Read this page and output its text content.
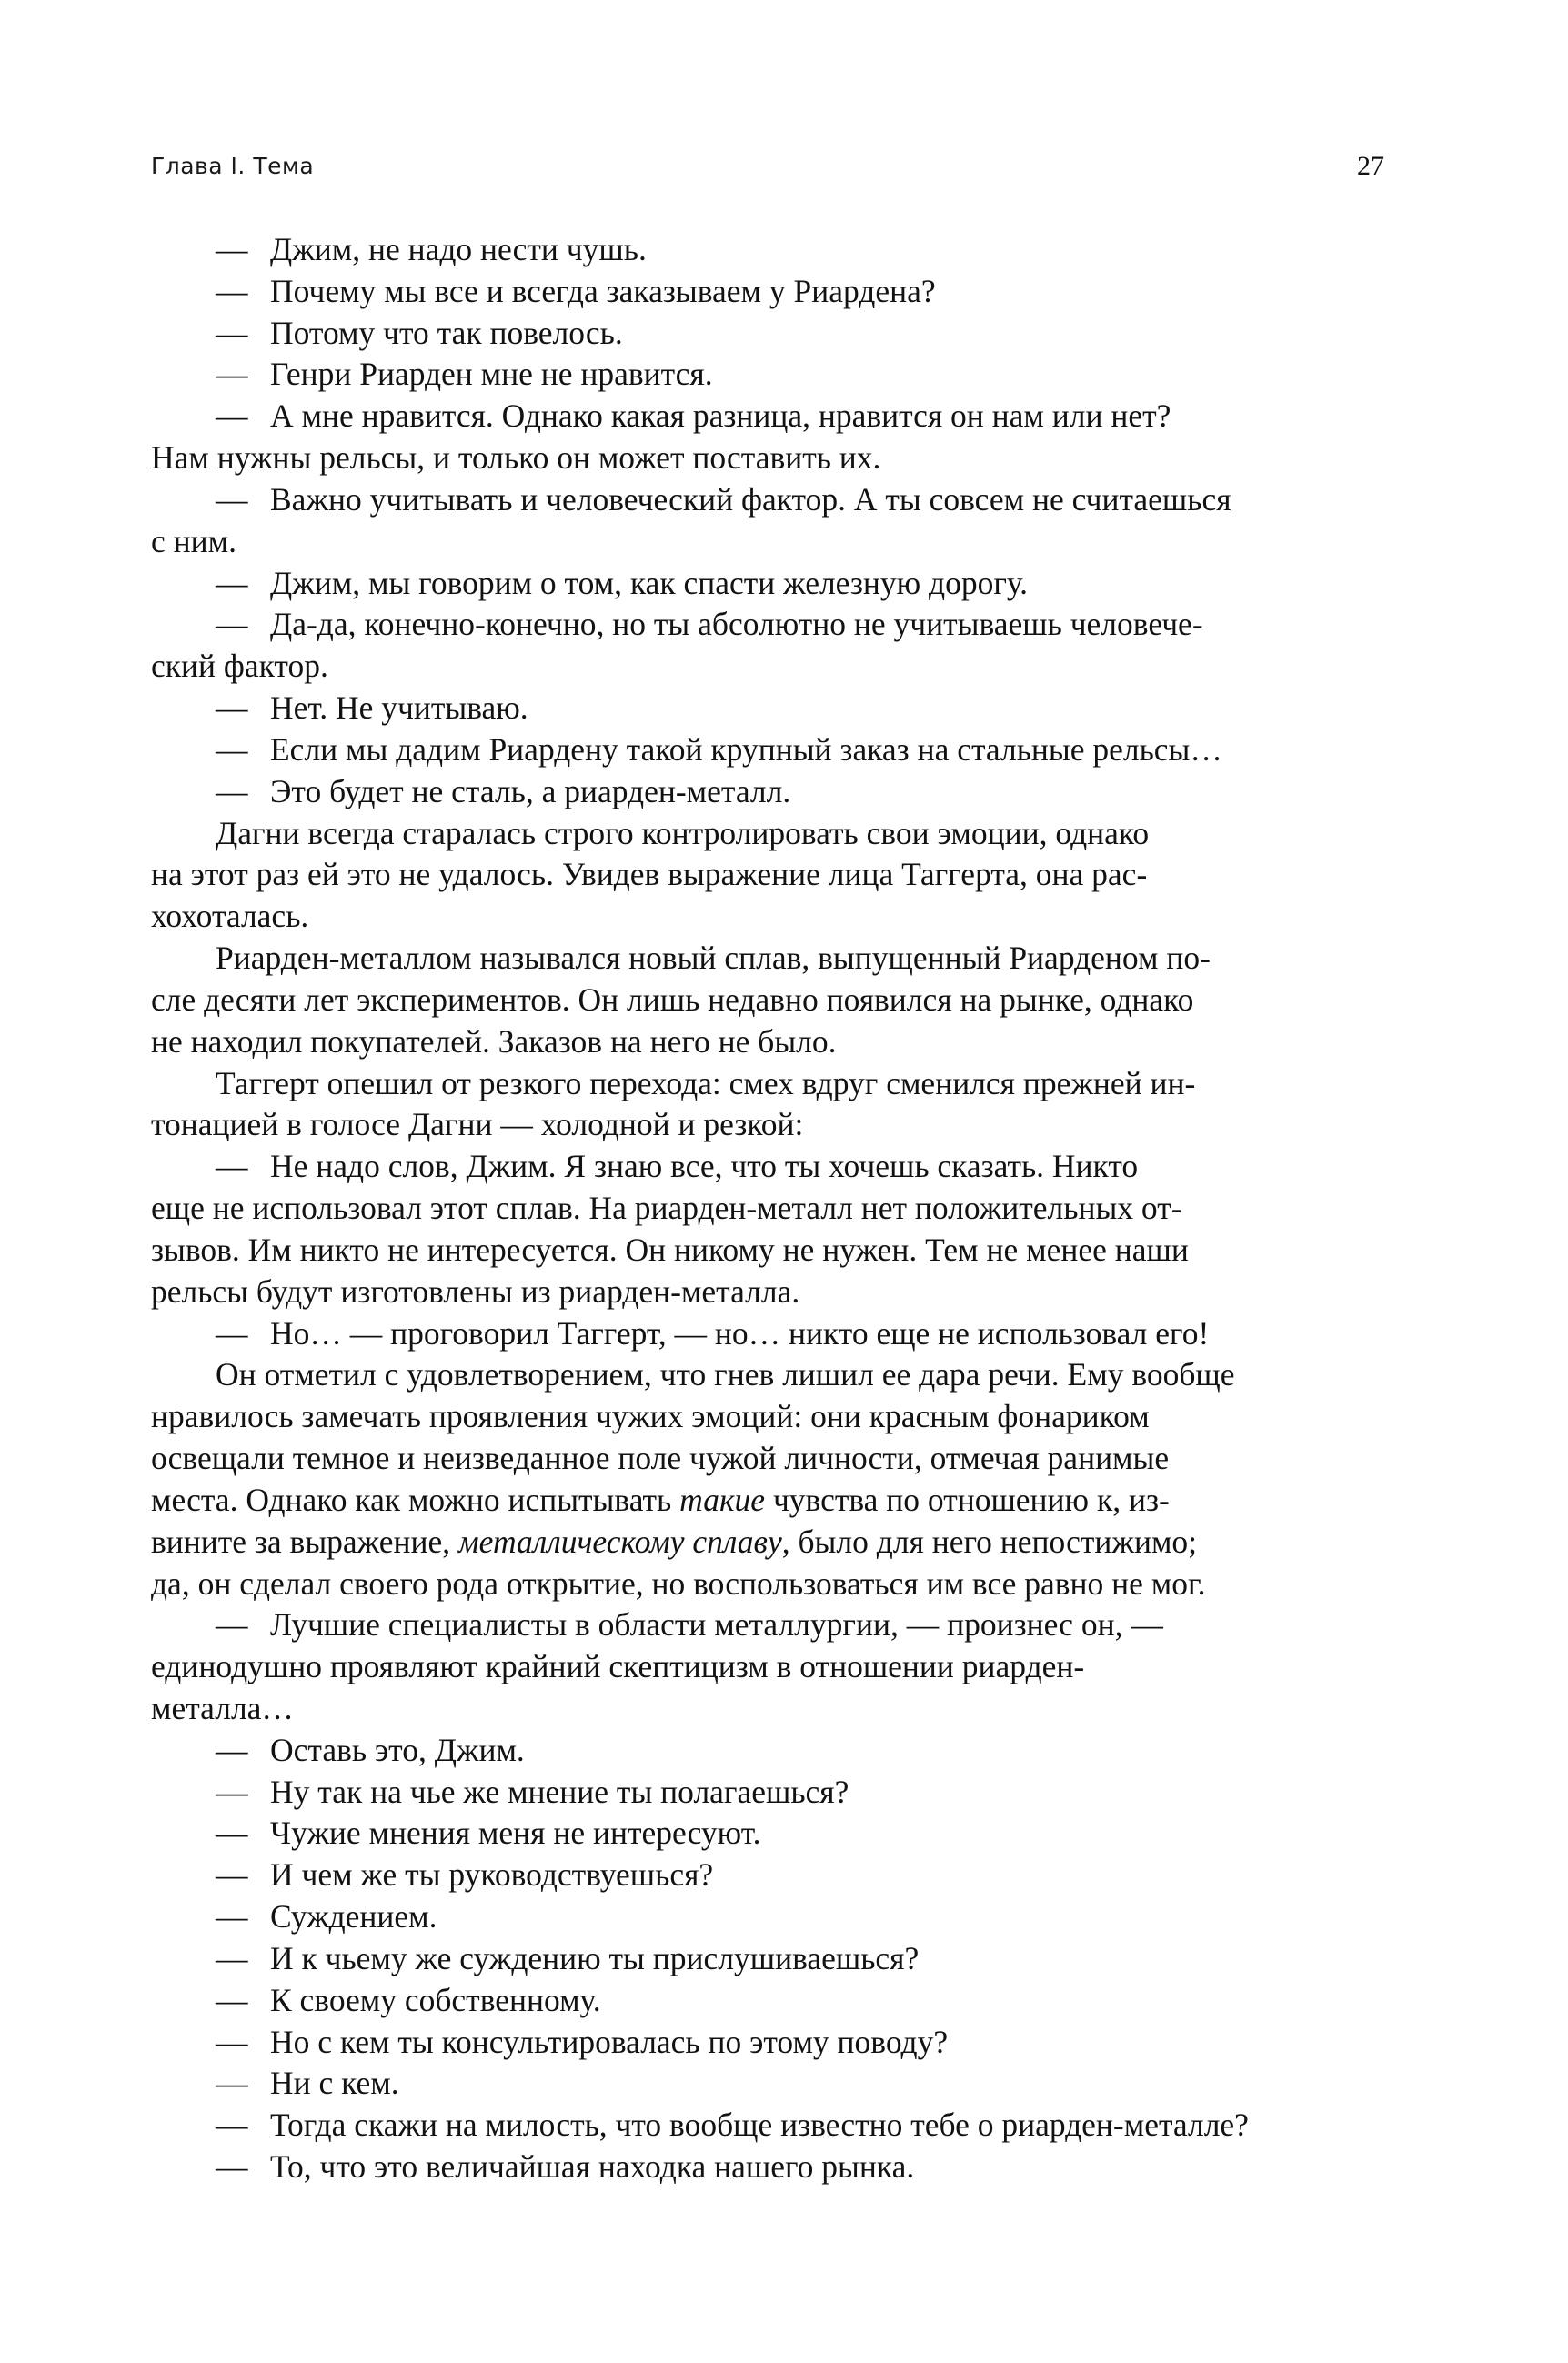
Глава I. Тема	27
— Джим, не надо нести чушь.
— Почему мы все и всегда заказываем у Риардена?
— Потому что так повелось.
— Генри Риарден мне не нравится.
— А мне нравится. Однако какая разница, нравится он нам или нет?
Нам нужны рельсы, и только он может поставить их.
— Важно учитывать и человеческий фактор. А ты совсем не считаешься
с ним.
— Джим, мы говорим о том, как спасти железную дорогу.
— Да-да, конечно-конечно, но ты абсолютно не учитываешь человече-
ский фактор.
— Нет. Не учитываю.
— Если мы дадим Риардену такой крупный заказ на стальные рельсы…
— Это будет не сталь, а риарден-металл.
Дагни всегда старалась строго контролировать свои эмоции, однако
на этот раз ей это не удалось. Увидев выражение лица Таггерта, она рас-
хохоталась.
Риарден-металлом назывался новый сплав, выпущенный Риарденом по-
сле десяти лет экспериментов. Он лишь недавно появился на рынке, однако
не находил покупателей. Заказов на него не было.
Таггерт опешил от резкого перехода: смех вдруг сменился прежней ин-
тонацией в голосе Дагни — холодной и резкой:
— Не надо слов, Джим. Я знаю все, что ты хочешь сказать. Никто
еще не использовал этот сплав. На риарден-металл нет положительных от-
зывов. Им никто не интересуется. Он никому не нужен. Тем не менее наши
рельсы будут изготовлены из риарден-металла.
— Но… — проговорил Таггерт, — но… никто еще не использовал его!
Он отметил с удовлетворением, что гнев лишил ее дара речи. Ему вообще
нравилось замечать проявления чужих эмоций: они красным фонариком
освещали темное и неизведанное поле чужой личности, отмечая ранимые
места. Однако как можно испытывать такие чувства по отношению к, из-
вините за выражение, металлическому сплаву, было для него непостижимо;
да, он сделал своего рода открытие, но воспользоваться им все равно не мог.
— Лучшие специалисты в области металлургии, — произнес он, —
единодушно проявляют крайний скептицизм в отношении риарден-
металла…
— Оставь это, Джим.
— Ну так на чье же мнение ты полагаешься?
— Чужие мнения меня не интересуют.
— И чем же ты руководствуешься?
— Суждением.
— И к чьему же суждению ты прислушиваешься?
— К своему собственному.
— Но с кем ты консультировалась по этому поводу?
— Ни с кем.
— Тогда скажи на милость, что вообще известно тебе о риарден-металле?
— То, что это величайшая находка нашего рынка.
